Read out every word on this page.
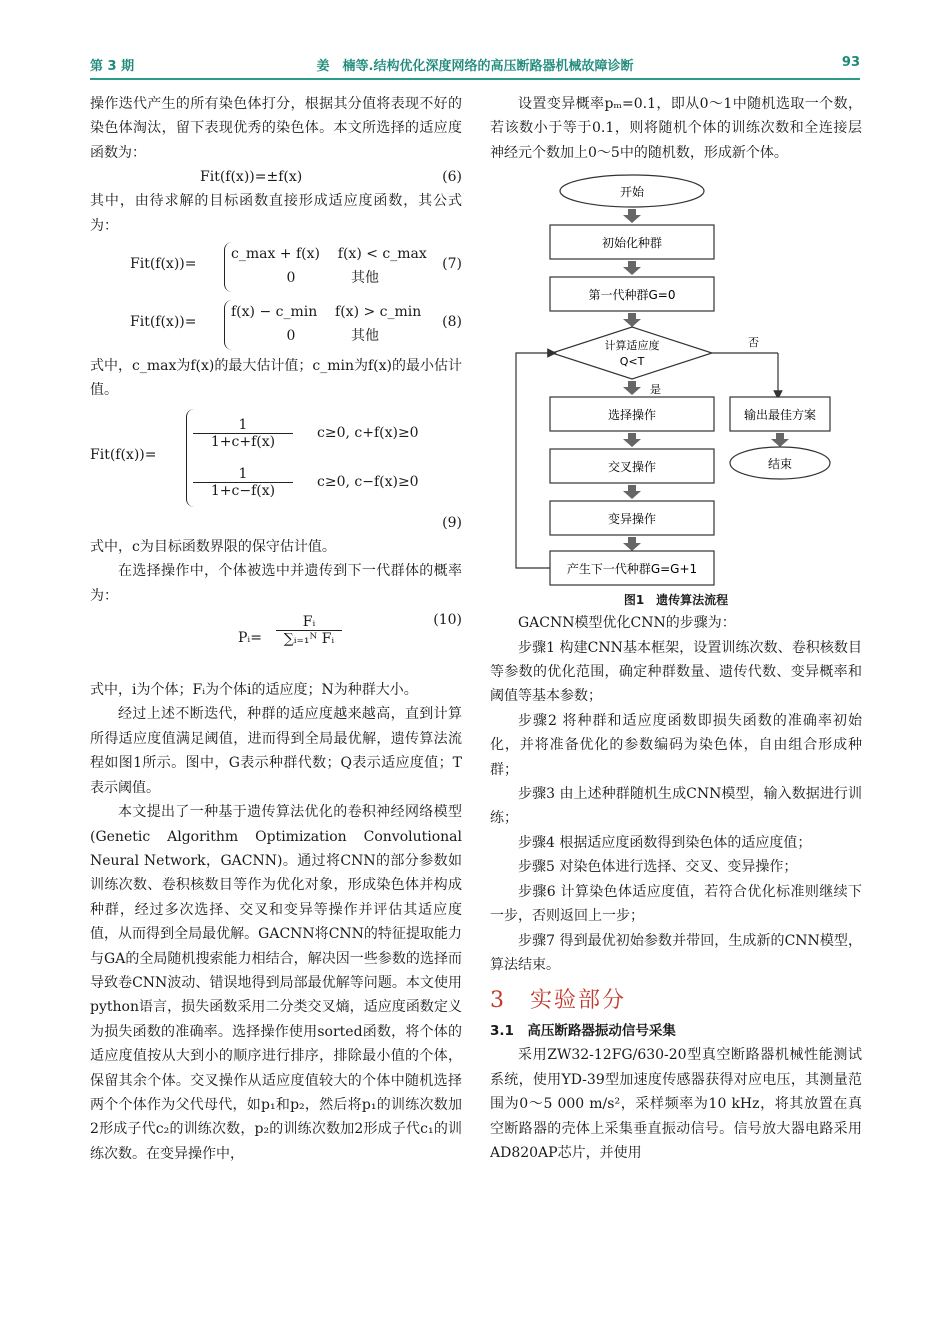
第 3 期	姜　楠等.结构优化深度网络的高压断路器机械故障诊断	93

操作迭代产生的所有染色体打分，根据其分值将表现不好的染色体淘汰，留下表现优秀的染色体。本文所选择的适应度函数为：

Fit(f(x))=±f(x)	(6)

其中，由待求解的目标函数直接形成适应度函数，其公式为：

Fit(f(x))=
c_max + f(x)    f(x) < c_max
0	其他
(7)
Fit(f(x))=
f(x) − c_min    f(x) > c_min
0	其他
(8)

式中，c_max为f(x)的最大估计值；c_min为f(x)的最小估计值。

Fit(f(x))=
$\frac{1}{1+c+f(x)} c\ge 0$, c+f(x)≥0
$\frac{1}{1+c-f(x)} c\ge 0$, c−f(x)≥0
(9)

式中，c为目标函数界限的保守估计值。

在选择操作中，个体被选中并遗传到下一代群体的概率为：

Pᵢ= $\frac{\text{Fᵢ}}{\text{∑ᵢ₌₁ᴺ Fᵢ}}$	(10)

式中，i为个体；Fᵢ为个体i的适应度；N为种群大小。

经过上述不断迭代，种群的适应度越来越高，直到计算所得适应度值满足阈值，进而得到全局最优解，遗传算法流程如图1所示。图中，G表示种群代数；Q表示适应度值；T表示阈值。

本文提出了一种基于遗传算法优化的卷积神经网络模型(Genetic Algorithm Optimization Convolutional Neural Network，GACNN)。通过将CNN的部分参数如训练次数、卷积核数目等作为优化对象，形成染色体并构成种群，经过多次选择、交叉和变异等操作并评估其适应度值，从而得到全局最优解。GACNN将CNN的特征提取能力与GA的全局随机搜索能力相结合，解决因一些参数的选择而导致卷CNN波动、错误地得到局部最优解等问题。本文使用python语言，损失函数采用二分类交叉熵，适应度函数定义为损失函数的准确率。选择操作使用sorted函数，将个体的适应度值按从大到小的顺序进行排序，排除最小值的个体，保留其余个体。交叉操作从适应度值较大的个体中随机选择两个个体作为父代母代，如p₁和p₂，然后将p₁的训练次数加2形成子代c₂的训练次数，p₂的训练次数加2形成子代c₁的训练次数。在变异操作中，

设置变异概率pₘ=0.1，即从0～1中随机选取一个数，若该数小于等于0.1，则将随机个体的训练次数和全连接层神经元个数加上0～5中的随机数，形成新个体。

开始
初始化种群
第一代种群G=0
计算适应度
Q<T
否
是
选择操作	输出最佳方案
结束
交叉操作
变异操作
产生下一代种群G=G+1
图1　遗传算法流程

GACNN模型优化CNN的步骤为：

步骤1 构建CNN基本框架，设置训练次数、卷积核数目等参数的优化范围，确定种群数量、遗传代数、变异概率和阈值等基本参数；

步骤2 将种群和适应度函数即损失函数的准确率初始化，并将准备优化的参数编码为染色体，自由组合形成种群；

步骤3 由上述种群随机生成CNN模型，输入数据进行训练；

步骤4 根据适应度函数得到染色体的适应度值；

步骤5 对染色体进行选择、交叉、变异操作；

步骤6 计算染色体适应度值，若符合优化标准则继续下一步，否则返回上一步；

步骤7 得到最优初始参数并带回，生成新的CNN模型，算法结束。

3　实验部分
3.1　高压断路器振动信号采集

采用ZW32-12FG/630-20型真空断路器机械性能测试系统，使用YD-39型加速度传感器获得对应电压，其测量范围为0～5 000 m/s²，采样频率为10 kHz，将其放置在真空断路器的壳体上采集垂直振动信号。信号放大器电路采用AD820AP芯片，并使用
